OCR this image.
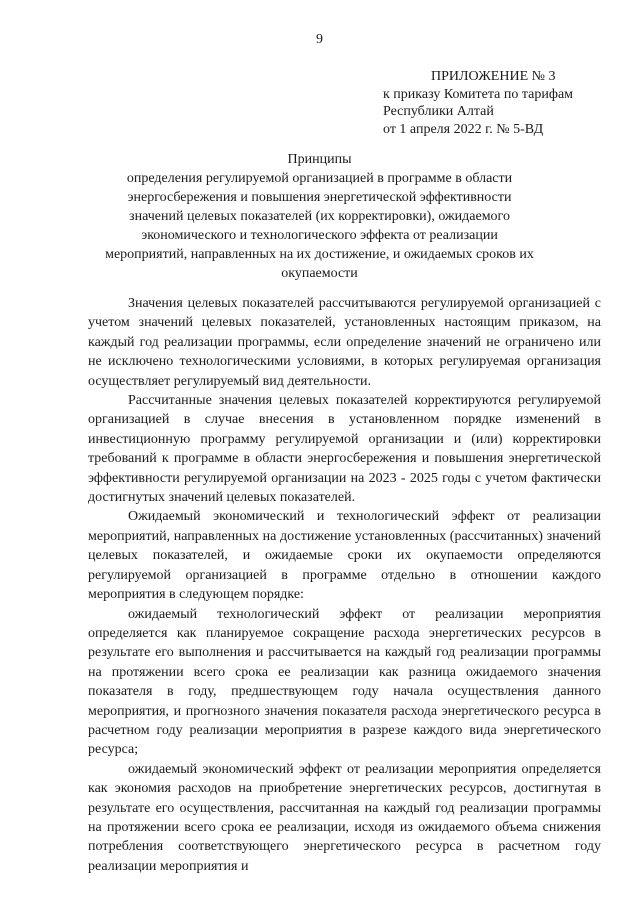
9
ПРИЛОЖЕНИЕ № 3
к приказу Комитета по тарифам
Республики Алтай
от 1 апреля 2022 г. № 5-ВД
Принципы
определения регулируемой организацией в программе в области энергосбережения и повышения энергетической эффективности значений целевых показателей (их корректировки), ожидаемого экономического и технологического эффекта от реализации мероприятий, направленных на их достижение, и ожидаемых сроков их окупаемости

Значения целевых показателей рассчитываются регулируемой организацией с учетом значений целевых показателей, установленных настоящим приказом, на каждый год реализации программы, если определение значений не ограничено или не исключено технологическими условиями, в которых регулируемая организация осуществляет регулируемый вид деятельности.

Рассчитанные значения целевых показателей корректируются регулируемой организацией в случае внесения в установленном порядке изменений в инвестиционную программу регулируемой организации и (или) корректировки требований к программе в области энергосбережения и повышения энергетической эффективности регулируемой организации на 2023 - 2025 годы с учетом фактически достигнутых значений целевых показателей.

Ожидаемый экономический и технологический эффект от реализации мероприятий, направленных на достижение установленных (рассчитанных) значений целевых показателей, и ожидаемые сроки их окупаемости определяются регулируемой организацией в программе отдельно в отношении каждого мероприятия в следующем порядке:

ожидаемый технологический эффект от реализации мероприятия определяется как планируемое сокращение расхода энергетических ресурсов в результате его выполнения и рассчитывается на каждый год реализации программы на протяжении всего срока ее реализации как разница ожидаемого значения показателя в году, предшествующем году начала осуществления данного мероприятия, и прогнозного значения показателя расхода энергетического ресурса в расчетном году реализации мероприятия в разрезе каждого вида энергетического ресурса;

ожидаемый экономический эффект от реализации мероприятия определяется как экономия расходов на приобретение энергетических ресурсов, достигнутая в результате его осуществления, рассчитанная на каждый год реализации программы на протяжении всего срока ее реализации, исходя из ожидаемого объема снижения потребления соответствующего энергетического ресурса в расчетном году реализации мероприятия и
